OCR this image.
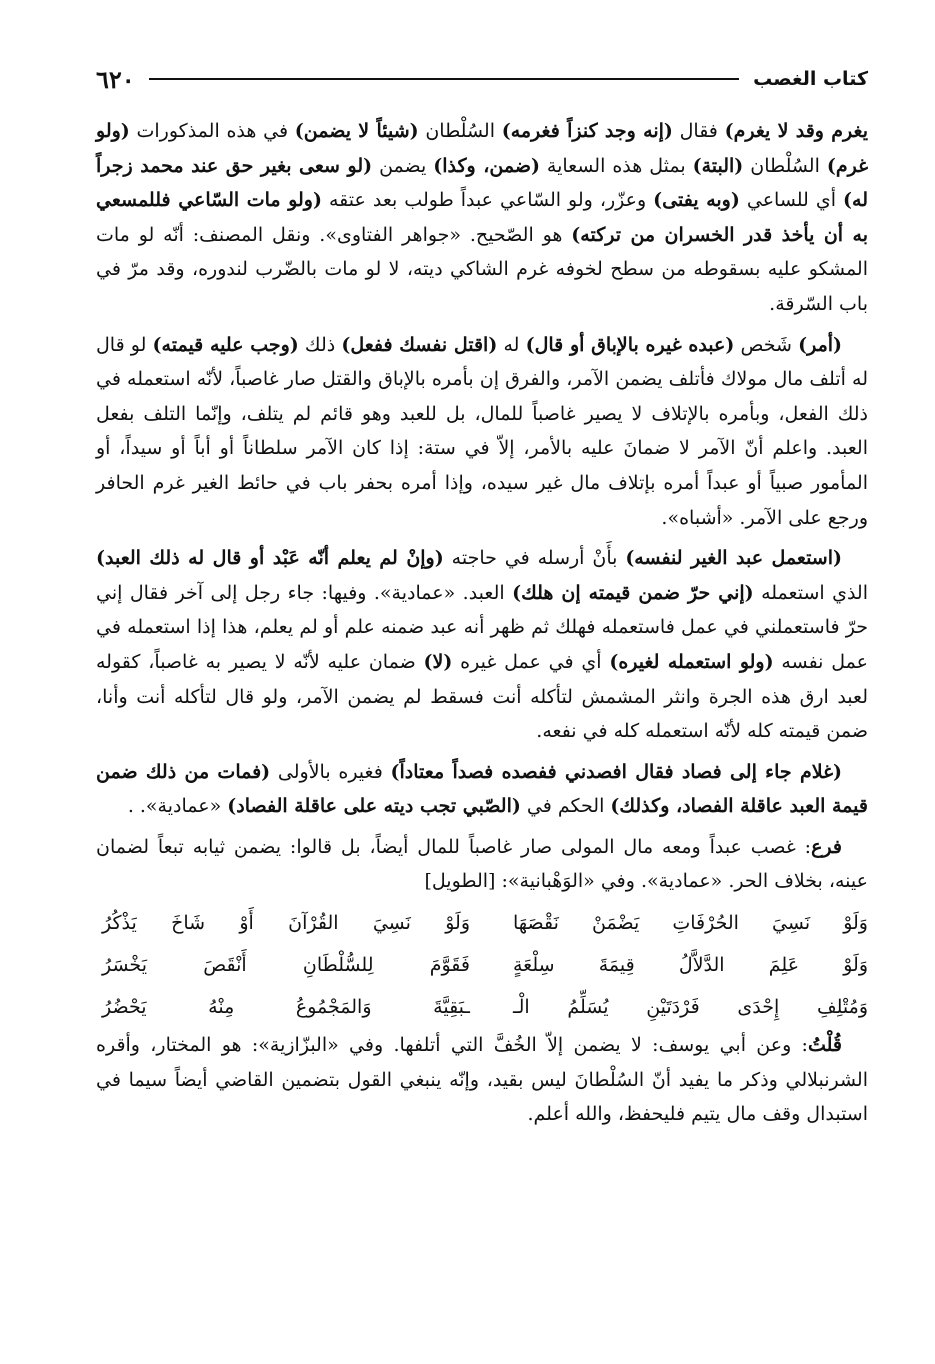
كتاب الغصب
٦٢٠

يغرم وقد لا يغرم) فقال (إنه وجد كنزاً فغرمه) السُلْطان (شيئاً لا يضمن) في هذه المذكورات (ولو غرم) السُلْطان (البتة) بمثل هذه السعاية (ضمن، وكذا) يضمن (لو سعى بغير حق عند محمد زجراً له) أي للساعي (وبه يفتى) وعزّر، ولو السّاعي عبداً طولب بعد عتقه (ولو مات السّاعي فللمسعي به أن يأخذ قدر الخسران من تركته) هو الصّحيح. «جواهر الفتاوى». ونقل المصنف: أنّه لو مات المشكو عليه بسقوطه من سطح لخوفه غرم الشاكي ديته، لا لو مات بالضّرب لندوره، وقد مرّ في باب السّرقة.

(أمر) شَخص (عبده غيره بالإباق أو قال) له (اقتل نفسك ففعل) ذلك (وجب عليه قيمته) لو قال له أتلف مال مولاك فأتلف يضمن الآمر، والفرق إن بأمره بالإباق والقتل صار غاصباً، لأنّه استعمله في ذلك الفعل، وبأمره بالإتلاف لا يصير غاصباً للمال، بل للعبد وهو قائم لم يتلف، وإنّما التلف بفعل العبد. واعلم أنّ الآمر لا ضمانَ عليه بالأمر، إلاّ في ستة: إذا كان الآمر سلطاناً أو أباً أو سيداً، أو المأمور صبياً أو عبداً أمره بإتلاف مال غير سيده، وإذا أمره بحفر باب في حائط الغير غرم الحافر ورجع على الآمر. «أشباه».

(استعمل عبد الغير لنفسه) بأَنْ أرسله في حاجته (وإنْ لم يعلم أنّه عَبْد أو قال له ذلك العبد) الذي استعمله (إني حرّ ضمن قيمته إن هلك) العبد. «عمادية». وفيها: جاء رجل إلى آخر فقال إني حرّ فاستعملني في عمل فاستعمله فهلك ثم ظهر أنه عبد ضمنه علم أو لم يعلم، هذا إذا استعمله في عمل نفسه (ولو استعمله لغيره) أي في عمل غيره (لا) ضمان عليه لأنّه لا يصير به غاصباً، كقوله لعبد ارق هذه الجرة وانثر المشمش لتأكله أنت فسقط لم يضمن الآمر، ولو قال لتأكله أنت وأنا، ضمن قيمته كله لأنّه استعمله كله في نفعه.

(غلام جاء إلى فصاد فقال افصدني ففصده فصداً معتاداً) فغيره بالأولى (فمات من ذلك ضمن قيمة العبد عاقلة الفصاد، وكذلك) الحكم في (الصّبي تجب ديته على عاقلة الفصاد) «عمادية». .

فرع: غصب عبداً ومعه مال المولى صار غاصباً للمال أيضاً، بل قالوا: يضمن ثيابه تبعاً لضمان عينه، بخلاف الحر. «عمادية». وفي «الوَهْبانية»: [الطويل]

وَلَوْ نَسِيَ الحُرْفَاتِ يَضْمَنْ نَقْصَهَا
وَلَوْ نَسِيَ القُرْآنَ أَوْ شَاخَ يَذْكُرُ
وَلَوْ عَلِمَ الدَّلاَّلُ قِيمَةَ سِلْعَةٍ
فَقَوَّمَ لِلسُّلْطَانِ أَنْقَصَ يَخْسَرُ
وَمُتْلِفِ إِحْدَى فَرْدَتَيْنِ يُسَلِّمُ الْـ
ـبَقِيَّةَ وَالمَجْمُوعُ مِنْهُ يَحْضُرُ

قُلْتُ: وعن أبي يوسف: لا يضمن إلاّ الخُفَّ التي أتلفها. وفي «البزّازية»: هو المختار، وأقره الشرنبلالي وذكر ما يفيد أنّ السُلْطانَ ليس بقيد، وإنّه ينبغي القول بتضمين القاضي أيضاً سيما في استبدال وقف مال يتيم فليحفظ، والله أعلم.
